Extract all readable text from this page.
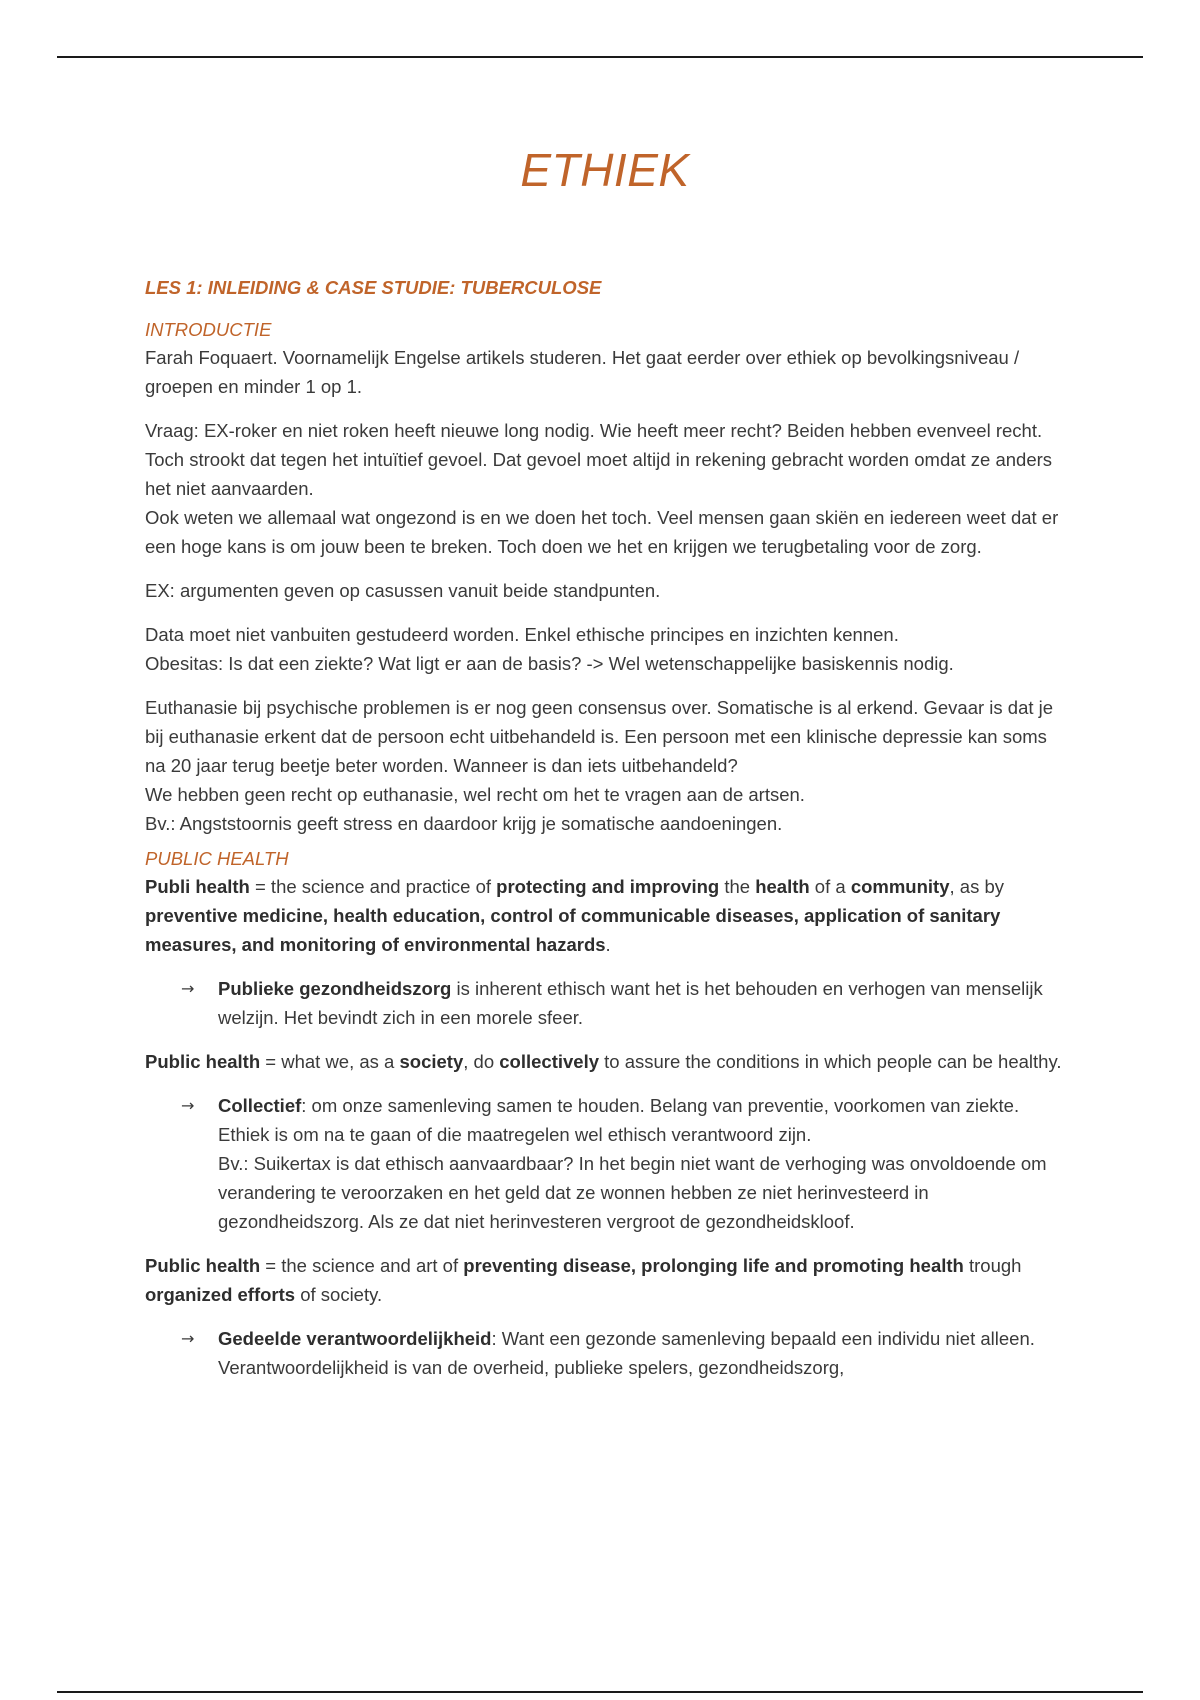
ETHIEK
LES 1: INLEIDING & CASE STUDIE: TUBERCULOSE
INTRODUCTIE

Farah Foquaert. Voornamelijk Engelse artikels studeren. Het gaat eerder over ethiek op bevolkingsniveau / groepen en minder 1 op 1.

Vraag: EX-roker en niet roken heeft nieuwe long nodig. Wie heeft meer recht? Beiden hebben evenveel recht. Toch strookt dat tegen het intuïtief gevoel. Dat gevoel moet altijd in rekening gebracht worden omdat ze anders het niet aanvaarden.

Ook weten we allemaal wat ongezond is en we doen het toch. Veel mensen gaan skiën en iedereen weet dat er een hoge kans is om jouw been te breken. Toch doen we het en krijgen we terugbetaling voor de zorg.

EX: argumenten geven op casussen vanuit beide standpunten.

Data moet niet vanbuiten gestudeerd worden. Enkel ethische principes en inzichten kennen.

Obesitas: Is dat een ziekte? Wat ligt er aan de basis? -> Wel wetenschappelijke basiskennis nodig.

Euthanasie bij psychische problemen is er nog geen consensus over. Somatische is al erkend. Gevaar is dat je bij euthanasie erkent dat de persoon echt uitbehandeld is. Een persoon met een klinische depressie kan soms na 20 jaar terug beetje beter worden. Wanneer is dan iets uitbehandeld?

We hebben geen recht op euthanasie, wel recht om het te vragen aan de artsen.

Bv.: Angststoornis geeft stress en daardoor krijg je somatische aandoeningen.

PUBLIC HEALTH

Publi health = the science and practice of protecting and improving the health of a community, as by preventive medicine, health education, control of communicable diseases, application of sanitary measures, and monitoring of environmental hazards.

→ Publieke gezondheidszorg is inherent ethisch want het is het behouden en verhogen van menselijk welzijn. Het bevindt zich in een morele sfeer.

Public health = what we, as a society, do collectively to assure the conditions in which people can be healthy.

→ Collectief: om onze samenleving samen te houden. Belang van preventie, voorkomen van ziekte. Ethiek is om na te gaan of die maatregelen wel ethisch verantwoord zijn.
Bv.: Suikertax is dat ethisch aanvaardbaar? In het begin niet want de verhoging was onvoldoende om verandering te veroorzaken en het geld dat ze wonnen hebben ze niet herinvesteerd in gezondheidszorg. Als ze dat niet herinvesteren vergroot de gezondheidskloof.

Public health = the science and art of preventing disease, prolonging life and promoting health trough organized efforts of society.

→ Gedeelde verantwoordelijkheid: Want een gezonde samenleving bepaald een individu niet alleen. Verantwoordelijkheid is van de overheid, publieke spelers, gezondheidszorg,
